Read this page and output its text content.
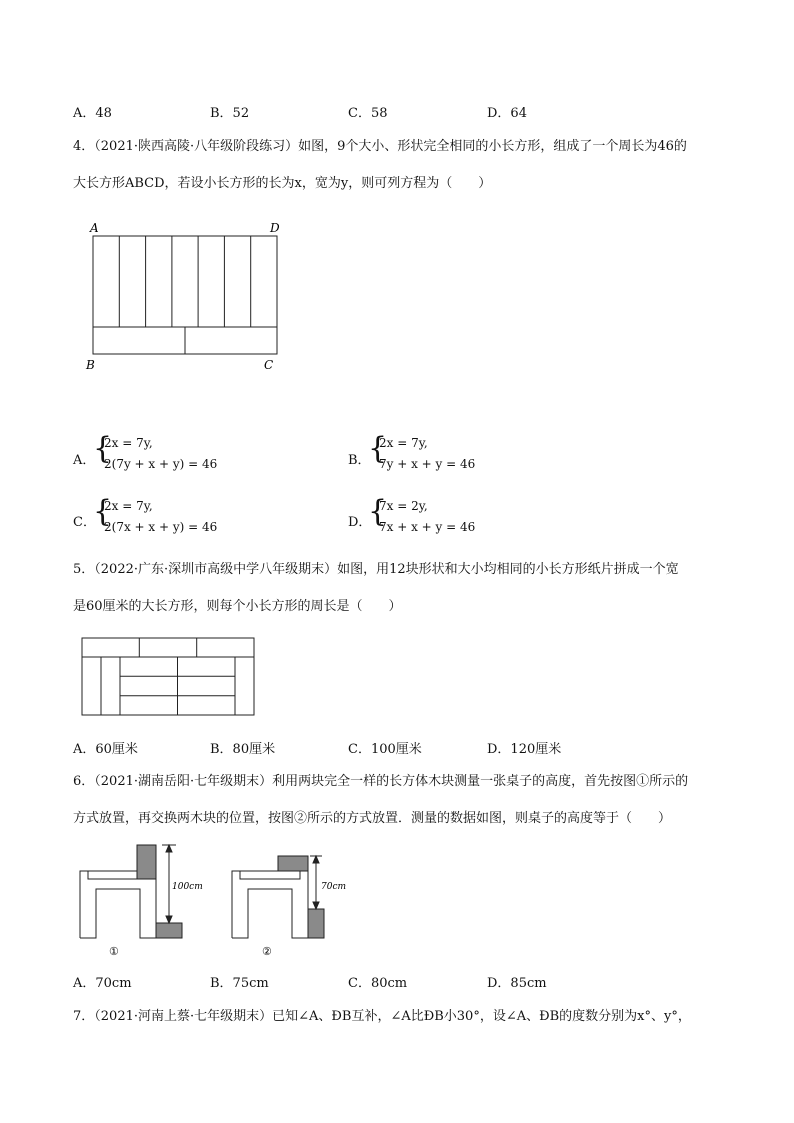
A．48	B．52	C．58	D．64
4．（2021·陕西高陵·八年级阶段练习）如图，9个大小、形状完全相同的小长方形，组成了一个周长为46的
大长方形ABCD，若设小长方形的长为x，宽为y，则可列方程为（　　）
A	D
B	C
A．
{
2x = 7y,
2(7y + x + y) = 46	B．
{
2x = 7y,
7y + x + y = 46
C．
{
2x = 7y,
2(7x + x + y) = 46	D．
{
7x = 2y,
7x + x + y = 46
5．（2022·广东·深圳市高级中学八年级期末）如图，用12块形状和大小均相同的小长方形纸片拼成一个宽
是60厘米的大长方形，则每个小长方形的周长是（　　）
A．60厘米	B．80厘米	C．100厘米	D．120厘米
6．（2021·湖南岳阳·七年级期末）利用两块完全一样的长方体木块测量一张桌子的高度，首先按图①所示的
方式放置，再交换两木块的位置，按图②所示的方式放置．测量的数据如图，则桌子的高度等于（　　）
100cm
①
70cm
②
A．70cm	B．75cm	C．80cm	D．85cm
7．（2021·河南上蔡·七年级期末）已知∠A、ÐB互补，∠A比ÐB小30°，设∠A、ÐB的度数分别为x°、y°，
